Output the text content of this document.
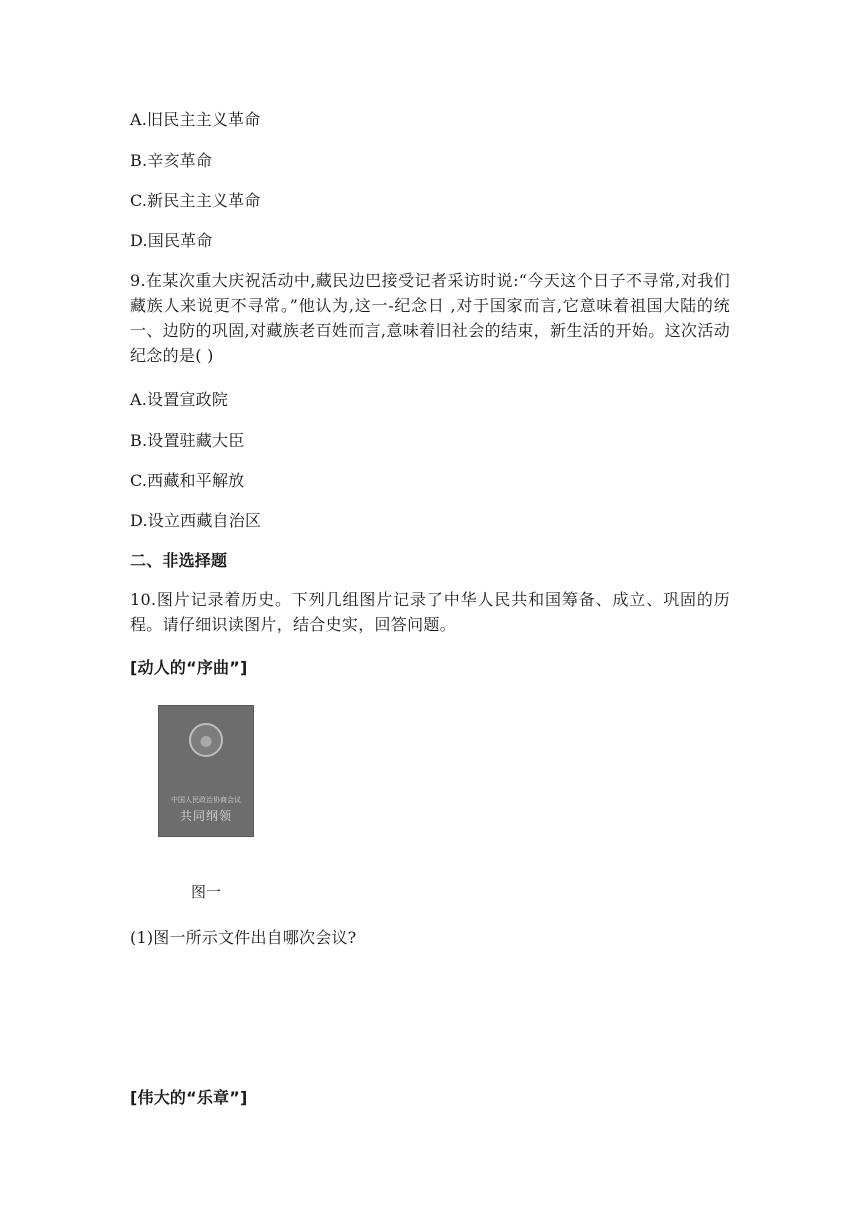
A.旧民主主义革命
B.辛亥革命
C.新民主主义革命
D.国民革命
9.在某次重大庆祝活动中,藏民边巴接受记者采访时说:“今天这个日子不寻常,对我们藏族人来说更不寻常。”他认为,这一-纪念日 ,对于国家而言,它意味着祖国大陆的统一、边防的巩固,对藏族老百姓而言,意味着旧社会的结束，新生活的开始。这次活动纪念的是( )
A.设置宣政院
B.设置驻藏大臣
C.西藏和平解放
D.设立西藏自治区
二、非选择题
10.图片记录着历史。下列几组图片记录了中华人民共和国筹备、成立、巩固的历程。请仔细识读图片，结合史实，回答问题。
[动人的“序曲”]
中国人民政治协商会议
共同纲领
图一
(1)图一所示文件出自哪次会议?
[伟大的“乐章”]
